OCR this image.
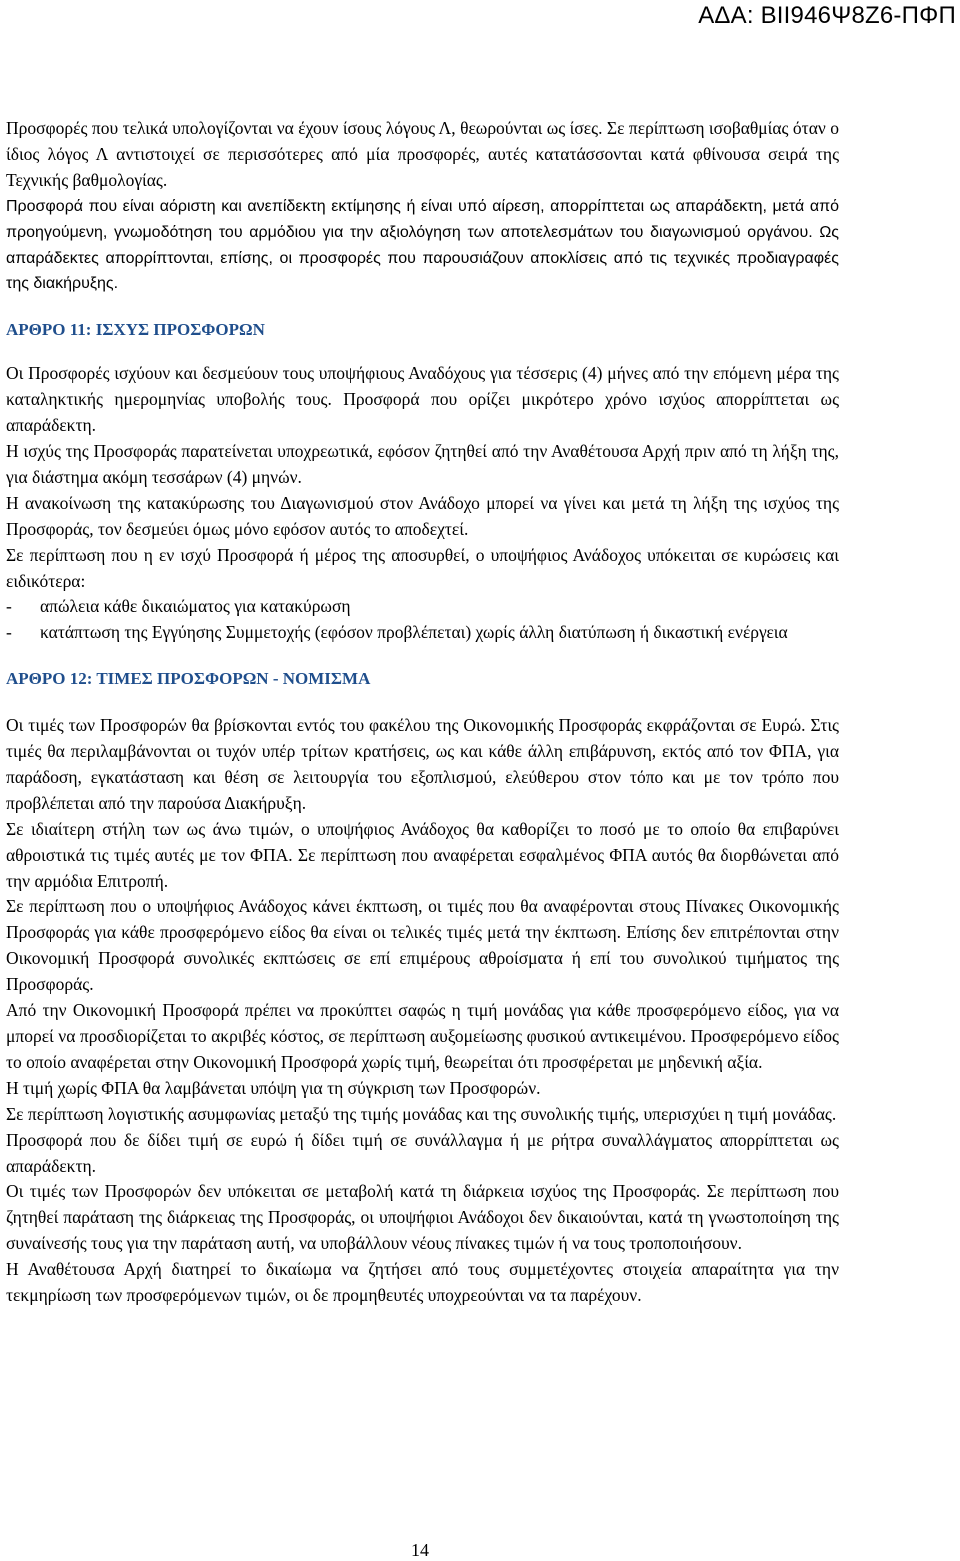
ΑΔΑ: ΒΙΙ946Ψ8Ζ6-ΠΦΠ

Προσφορές που τελικά υπολογίζονται να έχουν ίσους λόγους Λ, θεωρούνται ως ίσες. Σε περίπτωση ισοβαθμίας όταν ο ίδιος λόγος Λ αντιστοιχεί σε περισσότερες από μία προσφορές, αυτές κατατάσσονται κατά φθίνουσα σειρά της Τεχνικής βαθμολογίας.

Προσφορά που είναι αόριστη και ανεπίδεκτη εκτίμησης ή είναι υπό αίρεση, απορρίπτεται ως απαράδεκτη, μετά από προηγούμενη, γνωμοδότηση του αρμόδιου για την αξιολόγηση των αποτελεσμάτων του διαγωνισμού οργάνου. Ως απαράδεκτες απορρίπτονται, επίσης, οι προσφορές που παρουσιάζουν αποκλίσεις από τις τεχνικές προδιαγραφές της διακήρυξης.

ΑΡΘΡΟ 11: ΙΣΧΥΣ ΠΡΟΣΦΟΡΩΝ

Οι Προσφορές ισχύουν και δεσμεύουν τους υποψήφιους Αναδόχους για τέσσερις (4) μήνες από την επόμενη μέρα της καταληκτικής ημερομηνίας υποβολής τους. Προσφορά που ορίζει μικρότερο χρόνο ισχύος απορρίπτεται ως απαράδεκτη.

Η ισχύς της Προσφοράς παρατείνεται υποχρεωτικά, εφόσον ζητηθεί από την Αναθέτουσα Αρχή πριν από τη λήξη της, για διάστημα ακόμη τεσσάρων (4) μηνών.

Η ανακοίνωση της κατακύρωσης του Διαγωνισμού στον Ανάδοχο μπορεί να γίνει και μετά τη λήξη της ισχύος της Προσφοράς, τον δεσμεύει όμως μόνο εφόσον αυτός το αποδεχτεί.

Σε περίπτωση που η εν ισχύ Προσφορά ή μέρος της αποσυρθεί, ο υποψήφιος Ανάδοχος υπόκειται σε κυρώσεις και ειδικότερα:

-	απώλεια κάθε δικαιώματος για κατακύρωση
-	κατάπτωση της Εγγύησης Συμμετοχής (εφόσον προβλέπεται) χωρίς άλλη διατύπωση ή δικαστική ενέργεια

ΑΡΘΡΟ 12: ΤΙΜΕΣ ΠΡΟΣΦΟΡΩΝ - ΝΟΜΙΣΜΑ

Οι τιμές των Προσφορών θα βρίσκονται εντός του φακέλου της Οικονομικής Προσφοράς εκφράζονται σε Ευρώ. Στις τιμές θα περιλαμβάνονται οι τυχόν υπέρ τρίτων κρατήσεις, ως και κάθε άλλη επιβάρυνση, εκτός από τον ΦΠΑ, για παράδοση, εγκατάσταση και θέση σε λειτουργία του εξοπλισμού, ελεύθερου στον τόπο και με τον τρόπο που προβλέπεται από την παρούσα Διακήρυξη.

Σε ιδιαίτερη στήλη των ως άνω τιμών, ο υποψήφιος Ανάδοχος θα καθορίζει το ποσό με το οποίο θα επιβαρύνει αθροιστικά τις τιμές αυτές με τον ΦΠΑ. Σε περίπτωση που αναφέρεται εσφαλμένος ΦΠΑ αυτός θα διορθώνεται από την αρμόδια Επιτροπή.

Σε περίπτωση που ο υποψήφιος Ανάδοχος κάνει έκπτωση, οι τιμές που θα αναφέρονται στους Πίνακες Οικονομικής Προσφοράς για κάθε προσφερόμενο είδος θα είναι οι τελικές τιμές μετά την έκπτωση. Επίσης δεν επιτρέπονται στην Οικονομική Προσφορά συνολικές εκπτώσεις σε επί επιμέρους αθροίσματα ή επί του συνολικού τιμήματος της Προσφοράς.

Από την Οικονομική Προσφορά πρέπει να προκύπτει σαφώς η τιμή μονάδας για κάθε προσφερόμενο είδος, για να μπορεί να προσδιορίζεται το ακριβές κόστος, σε περίπτωση αυξομείωσης φυσικού αντικειμένου. Προσφερόμενο είδος το οποίο αναφέρεται στην Οικονομική Προσφορά χωρίς τιμή, θεωρείται ότι προσφέρεται με μηδενική αξία.

Η τιμή χωρίς ΦΠΑ θα λαμβάνεται υπόψη για τη σύγκριση των Προσφορών.

Σε περίπτωση λογιστικής ασυμφωνίας μεταξύ της τιμής μονάδας και της συνολικής τιμής, υπερισχύει η τιμή μονάδας.

Προσφορά που δε δίδει τιμή σε ευρώ ή δίδει τιμή σε συνάλλαγμα ή με ρήτρα συναλλάγματος απορρίπτεται ως απαράδεκτη.

Οι τιμές των Προσφορών δεν υπόκειται σε μεταβολή κατά τη διάρκεια ισχύος της Προσφοράς. Σε περίπτωση που ζητηθεί παράταση της διάρκειας της Προσφοράς, οι υποψήφιοι Ανάδοχοι δεν δικαιούνται, κατά τη γνωστοποίηση της συναίνεσής τους για την παράταση αυτή, να υποβάλλουν νέους πίνακες τιμών ή να τους τροποποιήσουν.

Η Αναθέτουσα Αρχή διατηρεί το δικαίωμα να ζητήσει από τους συμμετέχοντες στοιχεία απαραίτητα για την τεκμηρίωση των προσφερόμενων τιμών, οι δε προμηθευτές υποχρεούνται να τα παρέχουν.

14
